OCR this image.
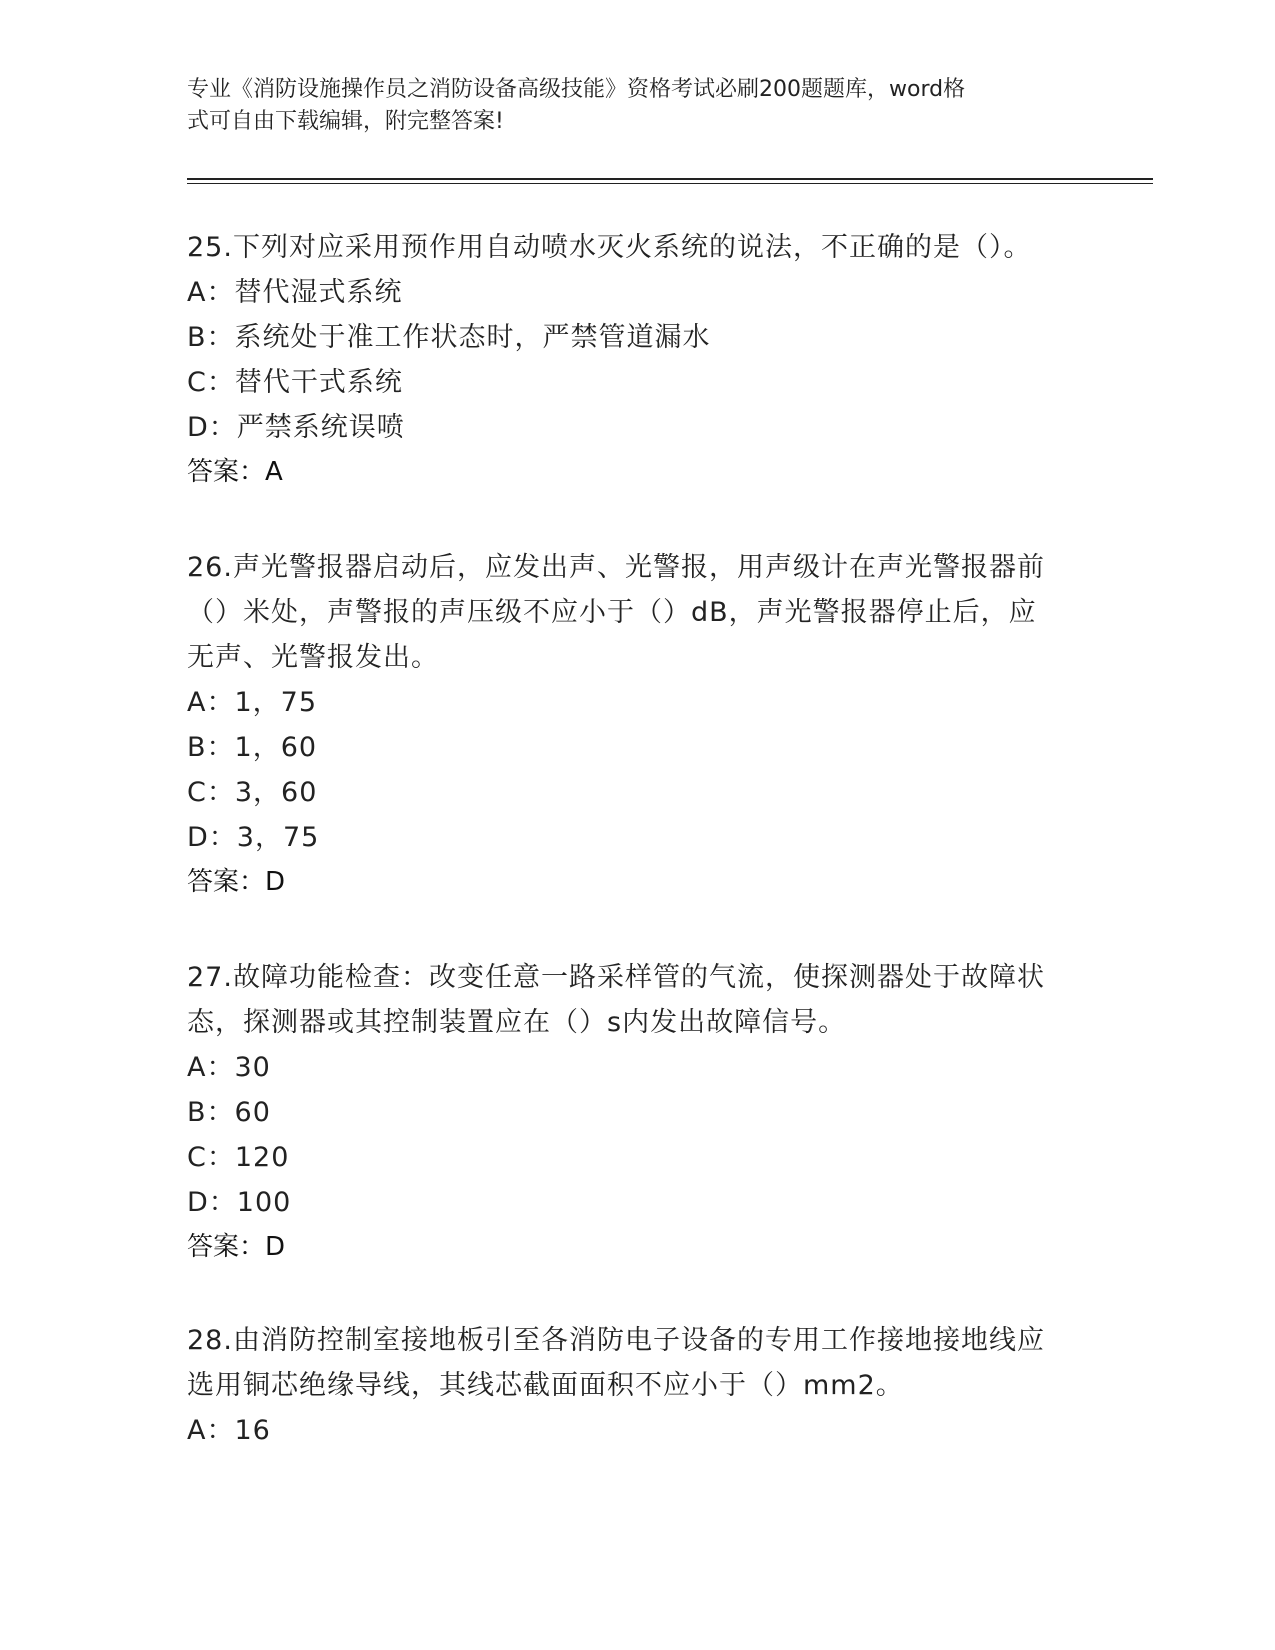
专业《消防设施操作员之消防设备高级技能》资格考试必刷200题题库，word格
式可自由下载编辑，附完整答案!

25.下列对应采用预作用自动喷水灭火系统的说法，不正确的是（）。

A：替代湿式系统

B：系统处于准工作状态时，严禁管道漏水

C：替代干式系统

D：严禁系统误喷

答案：A

26.声光警报器启动后，应发出声、光警报，用声级计在声光警报器前

（）米处，声警报的声压级不应小于（）dB，声光警报器停止后，应

无声、光警报发出。

A：1，75

B：1，60

C：3，60

D：3，75

答案：D

27.故障功能检查：改变任意一路采样管的气流，使探测器处于故障状

态，探测器或其控制装置应在（）s内发出故障信号。

A：30

B：60

C：120

D：100

答案：D

28.由消防控制室接地板引至各消防电子设备的专用工作接地接地线应

选用铜芯绝缘导线，其线芯截面面积不应小于（）mm2。

A：16
